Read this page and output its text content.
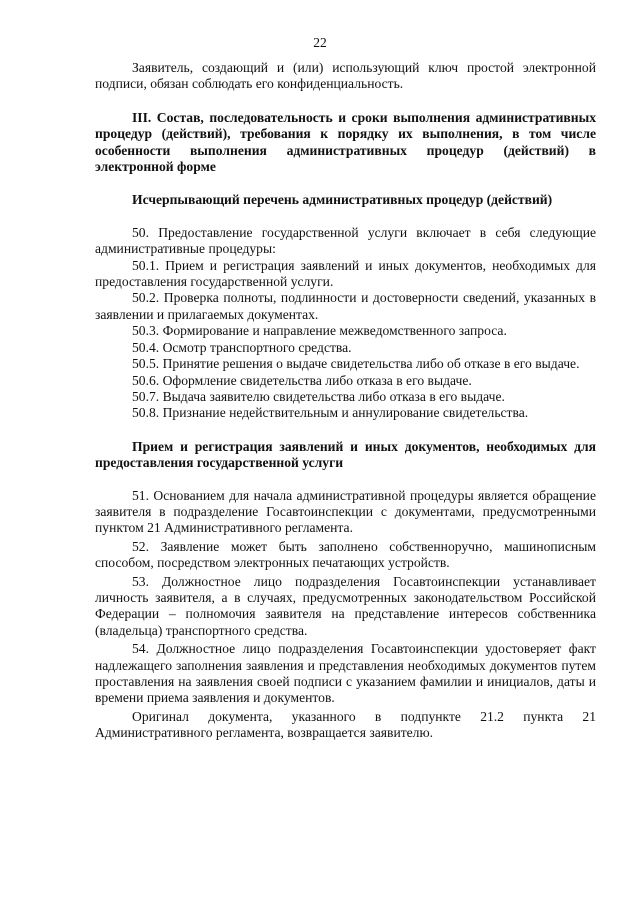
22

Заявитель, создающий и (или) использующий ключ простой электронной подписи, обязан соблюдать его конфиденциальность.

III. Состав, последовательность и сроки выполнения административных процедур (действий), требования к порядку их выполнения, в том числе особенности выполнения административных процедур (действий) в электронной форме

Исчерпывающий перечень административных процедур (действий)

50. Предоставление государственной услуги включает в себя следующие административные процедуры:

50.1. Прием и регистрация заявлений и иных документов, необходимых для предоставления государственной услуги.

50.2. Проверка полноты, подлинности и достоверности сведений, указанных в заявлении и прилагаемых документах.

50.3. Формирование и направление межведомственного запроса.

50.4. Осмотр транспортного средства.

50.5. Принятие решения о выдаче свидетельства либо об отказе в его выдаче.

50.6. Оформление свидетельства либо отказа в его выдаче.

50.7. Выдача заявителю свидетельства либо отказа в его выдаче.

50.8. Признание недействительным и аннулирование свидетельства.

Прием и регистрация заявлений и иных документов, необходимых для предоставления государственной услуги

51. Основанием для начала административной процедуры является обращение заявителя в подразделение Госавтоинспекции с документами, предусмотренными пунктом 21 Административного регламента.

52. Заявление может быть заполнено собственноручно, машинописным способом, посредством электронных печатающих устройств.

53. Должностное лицо подразделения Госавтоинспекции устанавливает личность заявителя, а в случаях, предусмотренных законодательством Российской Федерации – полномочия заявителя на представление интересов собственника (владельца) транспортного средства.

54. Должностное лицо подразделения Госавтоинспекции удостоверяет факт надлежащего заполнения заявления и представления необходимых документов путем проставления на заявления своей подписи с указанием фамилии и инициалов, даты и времени приема заявления и документов.

Оригинал документа, указанного в подпункте 21.2 пункта 21 Административного регламента, возвращается заявителю.
